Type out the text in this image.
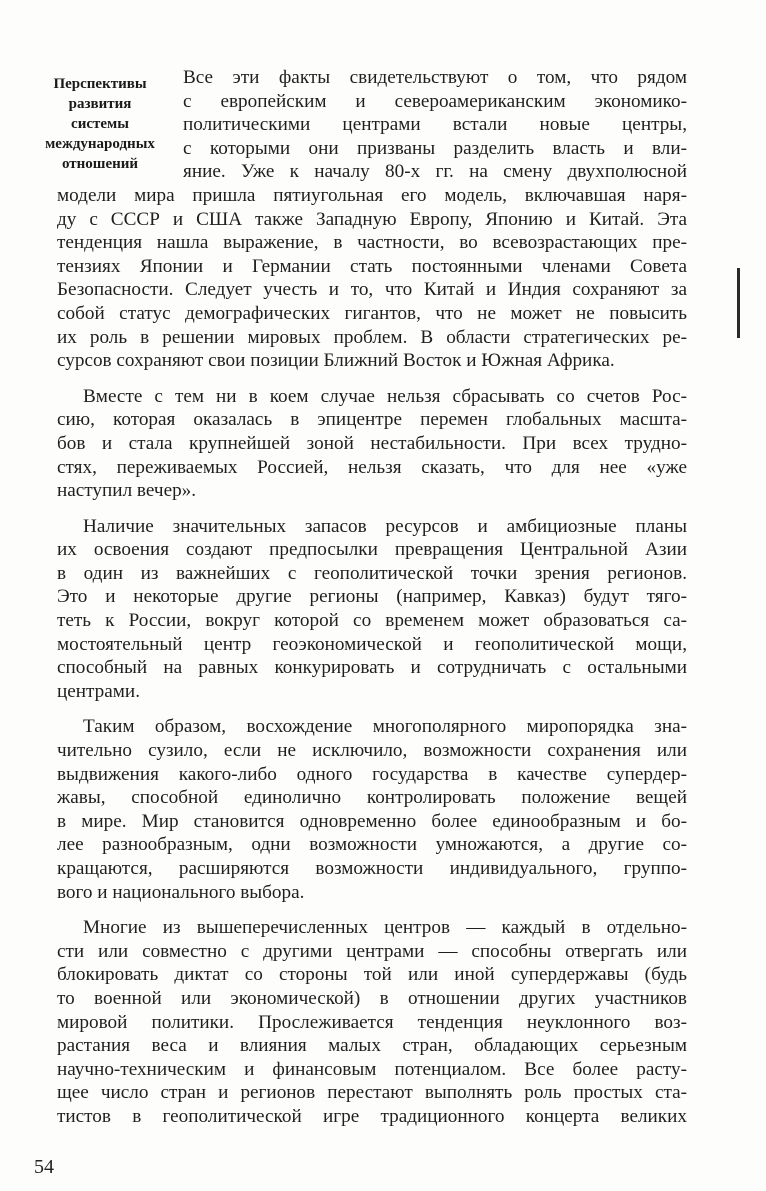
Перспективы
развития
системы
международных
отношений
Все эти факты свидетельствуют о том, что рядом
с европейским и североамериканским экономико-
политическими центрами встали новые центры,
с которыми они призваны разделить власть и вли-
яние. Уже к началу 80-х гг. на смену двухполюсной
модели мира пришла пятиугольная его модель, включавшая наря-
ду с СССР и США также Западную Европу, Японию и Китай. Эта
тенденция нашла выражение, в частности, во всевозрастающих пре-
тензиях Японии и Германии стать постоянными членами Совета
Безопасности. Следует учесть и то, что Китай и Индия сохраняют за
собой статус демографических гигантов, что не может не повысить
их роль в решении мировых проблем. В области стратегических ре-
сурсов сохраняют свои позиции Ближний Восток и Южная Африка.
Вместе с тем ни в коем случае нельзя сбрасывать со счетов Рос-
сию, которая оказалась в эпицентре перемен глобальных масшта-
бов и стала крупнейшей зоной нестабильности. При всех трудно-
стях, переживаемых Россией, нельзя сказать, что для нее «уже
наступил вечер».
Наличие значительных запасов ресурсов и амбициозные планы
их освоения создают предпосылки превращения Центральной Азии
в один из важнейших с геополитической точки зрения регионов.
Это и некоторые другие регионы (например, Кавказ) будут тяго-
теть к России, вокруг которой со временем может образоваться са-
мостоятельный центр геоэкономической и геополитической мощи,
способный на равных конкурировать и сотрудничать с остальными
центрами.
Таким образом, восхождение многополярного миропорядка зна-
чительно сузило, если не исключило, возможности сохранения или
выдвижения какого-либо одного государства в качестве супердер-
жавы, способной единолично контролировать положение вещей
в мире. Мир становится одновременно более единообразным и бо-
лее разнообразным, одни возможности умножаются, а другие со-
кращаются, расширяются возможности индивидуального, группо-
вого и национального выбора.
Многие из вышеперечисленных центров — каждый в отдельно-
сти или совместно с другими центрами — способны отвергать или
блокировать диктат со стороны той или иной супердержавы (будь
то военной или экономической) в отношении других участников
мировой политики. Прослеживается тенденция неуклонного воз-
растания веса и влияния малых стран, обладающих серьезным
научно-техническим и финансовым потенциалом. Все более расту-
щее число стран и регионов перестают выполнять роль простых ста-
тистов в геополитической игре традиционного концерта великих
54
